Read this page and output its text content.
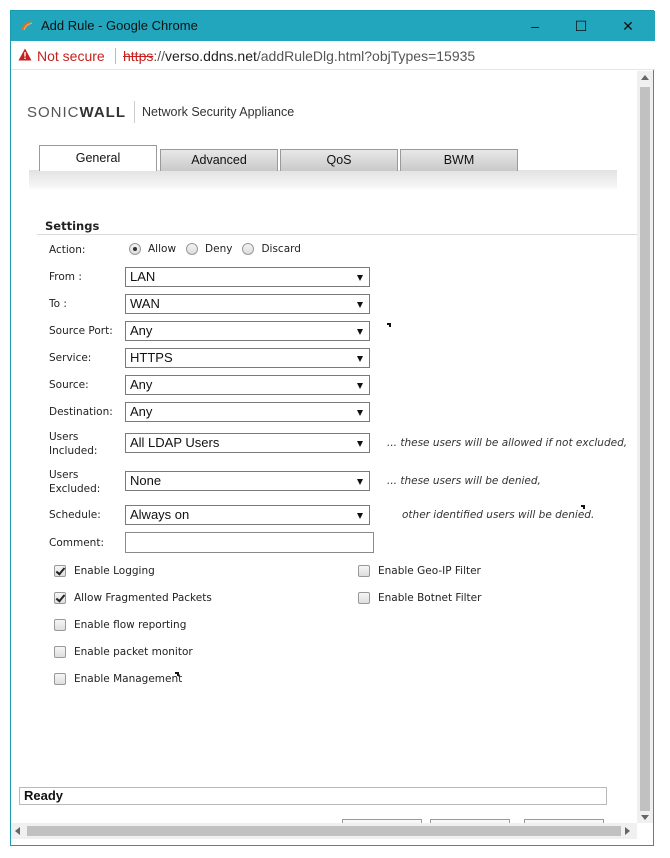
Add Rule - Google Chrome	–	☐	✕
Not secure https://verso.ddns.net/addRuleDlg.html?objTypes=15935
SONICWALL Network Security Appliance
General	Advanced	QoS	BWM
Settings
Action:	Allow	Deny	Discard
From :	LAN
To :	WAN
Source Port:	Any
Service:	HTTPS
Source:	Any
Destination:	Any
Users
Included:
All LDAP Users	... these users will be allowed if not excluded,
Users
Excluded:
None	... these users will be denied,
Schedule:	Always on	other identified users will be denied.
Comment:
Enable Logging
Allow Fragmented Packets
Enable flow reporting
Enable packet monitor
Enable Management
Enable Geo-IP Filter
Enable Botnet Filter
Ready
